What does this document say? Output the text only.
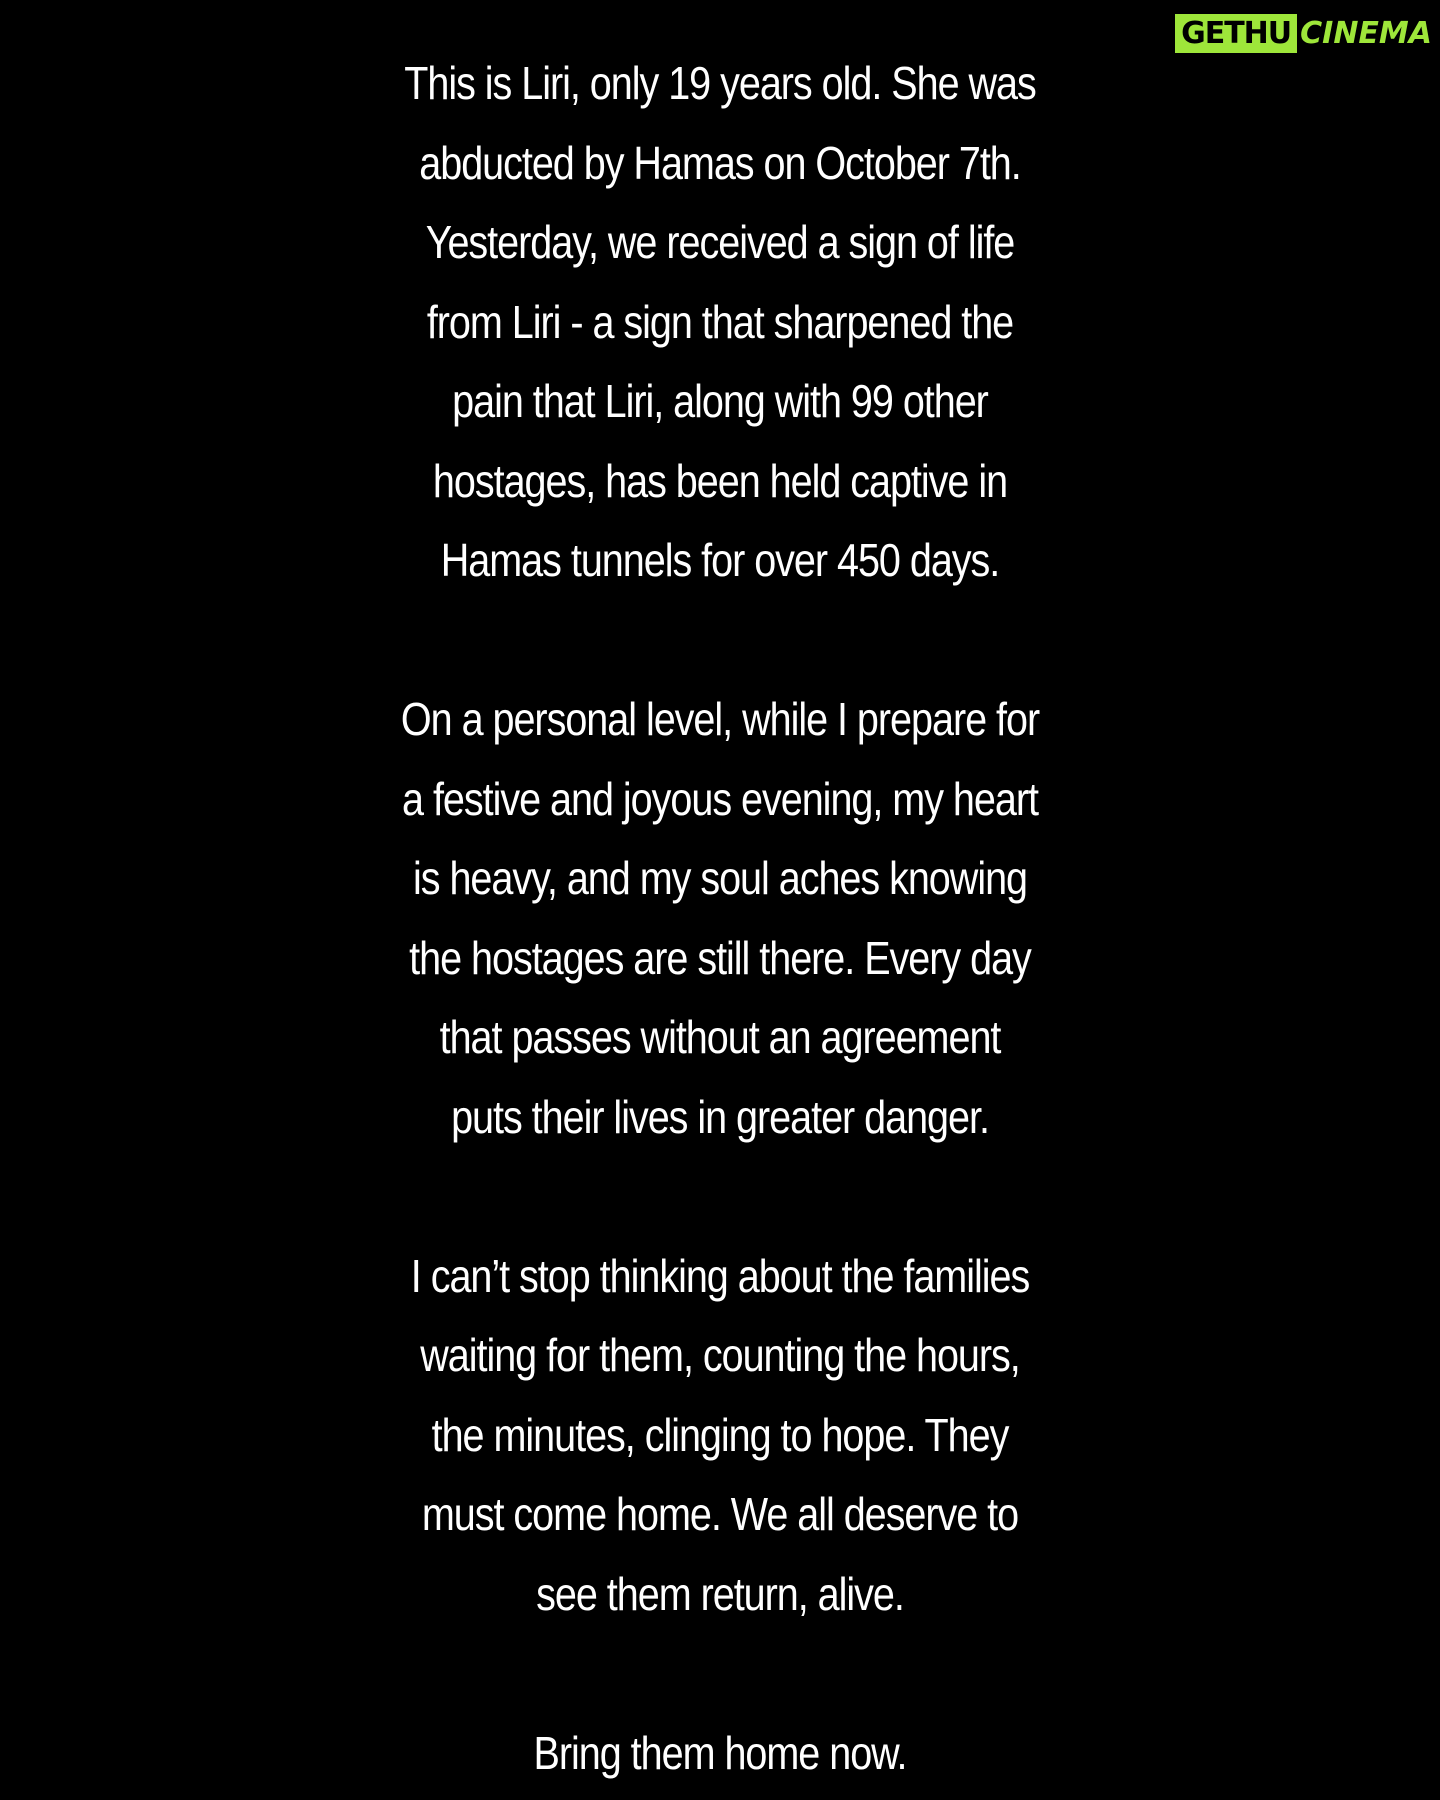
GETHU CINEMA
This is Liri, only 19 years old. She was
abducted by Hamas on October 7th.
Yesterday, we received a sign of life
from Liri - a sign that sharpened the
pain that Liri, along with 99 other
hostages, has been held captive in
Hamas tunnels for over 450 days.
On a personal level, while I prepare for
a festive and joyous evening, my heart
is heavy, and my soul aches knowing
the hostages are still there. Every day
that passes without an agreement
puts their lives in greater danger.
I can’t stop thinking about the families
waiting for them, counting the hours,
the minutes, clinging to hope. They
must come home. We all deserve to
see them return, alive.
Bring them home now.
